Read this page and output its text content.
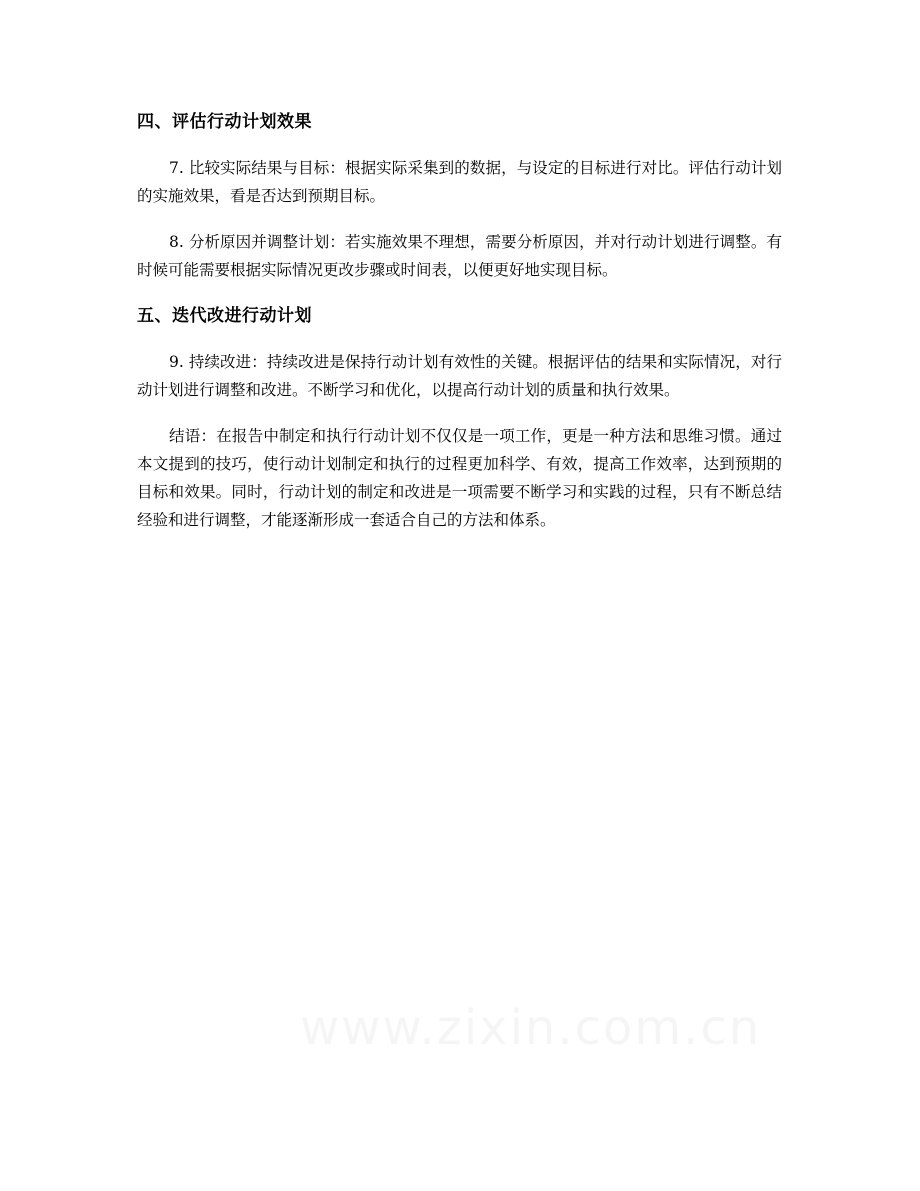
四、评估行动计划效果

7. 比较实际结果与目标：根据实际采集到的数据，与设定的目标进行对比。评估行动计划的实施效果，看是否达到预期目标。

8. 分析原因并调整计划：若实施效果不理想，需要分析原因，并对行动计划进行调整。有时候可能需要根据实际情况更改步骤或时间表，以便更好地实现目标。

五、迭代改进行动计划

9. 持续改进：持续改进是保持行动计划有效性的关键。根据评估的结果和实际情况，对行动计划进行调整和改进。不断学习和优化，以提高行动计划的质量和执行效果。

结语：在报告中制定和执行行动计划不仅仅是一项工作，更是一种方法和思维习惯。通过本文提到的技巧，使行动计划制定和执行的过程更加科学、有效，提高工作效率，达到预期的目标和效果。同时，行动计划的制定和改进是一项需要不断学习和实践的过程，只有不断总结经验和进行调整，才能逐渐形成一套适合自己的方法和体系。
